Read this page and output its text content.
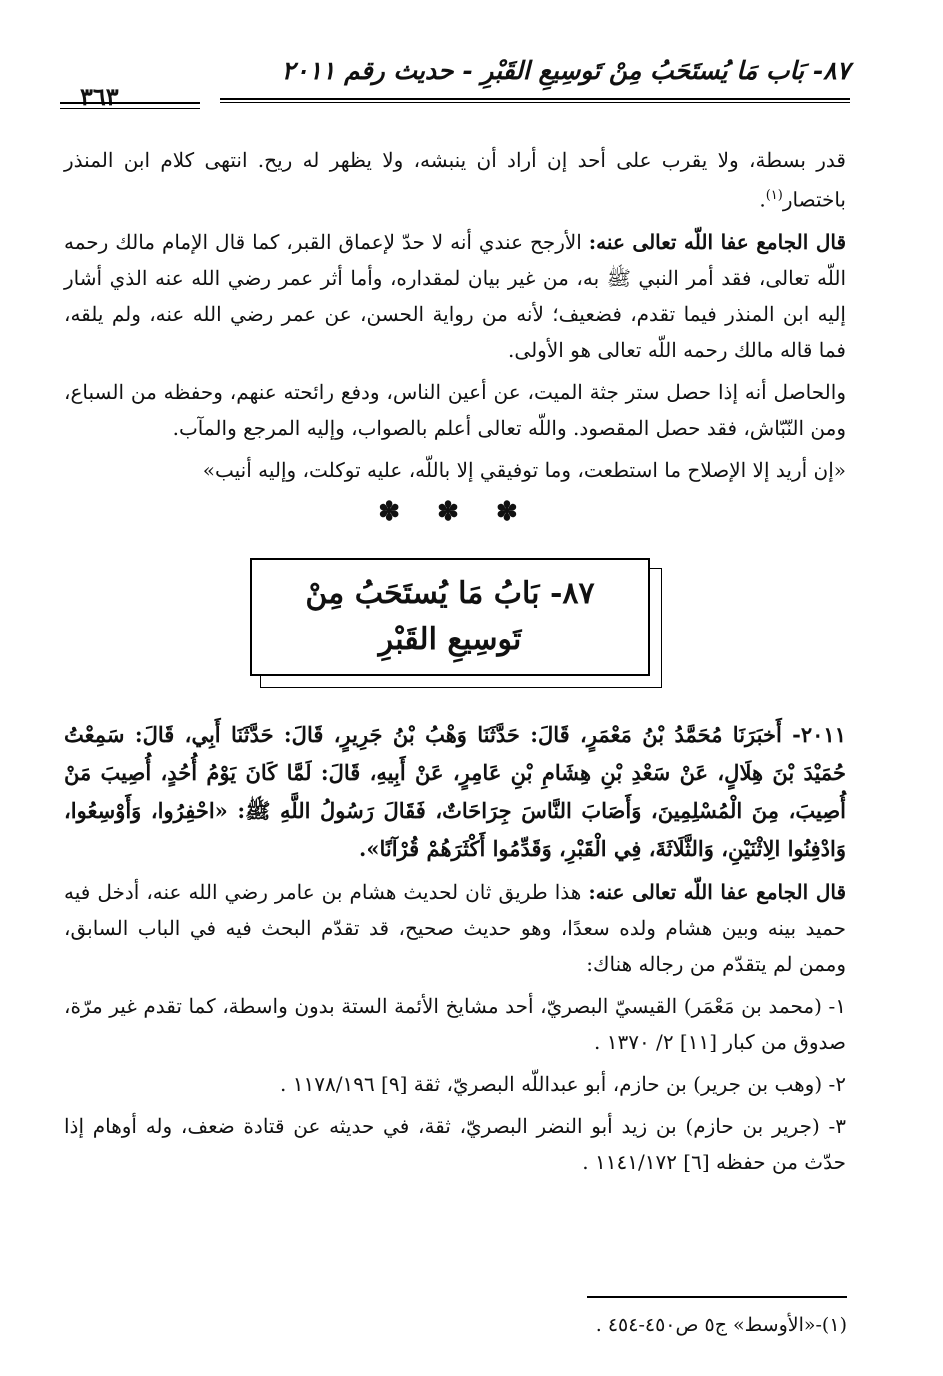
٨٧- بَاب مَا يُستَحَبُ مِنْ تَوسِيعِ القَبْرِ - حديث رقم ٢٠١١
٣٦٣

قدر بسطة، ولا يقرب على أحد إن أراد أن ينبشه، ولا يظهر له ريح. انتهى كلام ابن المنذر باختصار$^{(١)}$.

قال الجامع عفا اللّه تعالى عنه: الأرجح عندي أنه لا حدّ لإعماق القبر، كما قال الإمام مالك رحمه اللّه تعالى، فقد أمر النبي ﷺ به، من غير بيان لمقداره، وأما أثر عمر رضي الله عنه الذي أشار إليه ابن المنذر فيما تقدم، فضعيف؛ لأنه من رواية الحسن، عن عمر رضي الله عنه، ولم يلقه، فما قاله مالك رحمه اللّه تعالى هو الأولى.

والحاصل أنه إذا حصل ستر جثة الميت، عن أعين الناس، ودفع رائحته عنهم، وحفظه من السباع، ومن النّبّاش، فقد حصل المقصود. واللّه تعالى أعلم بالصواب، وإليه المرجع والمآب.

«إن أريد إلا الإصلاح ما استطعت، وما توفيقي إلا باللّه، عليه توكلت، وإليه أنيب»

✽ ✽ ✽
٨٧- بَابُ مَا يُستَحَبُ مِنْ تَوسِيعِ القَبْرِ

٢٠١١- أَخبَرَنَا مُحَمَّدُ بْنُ مَعْمَرٍ، قَالَ: حَدَّثَنَا وَهْبُ بْنُ جَرِيرٍ، قَالَ: حَدَّثَنَا أَبِي، قَالَ: سَمِعْتُ حُمَيْدَ بْنَ هِلَالٍ، عَنْ سَعْدِ بْنِ هِشَامِ بْنِ عَامِرٍ، عَنْ أَبِيهِ، قَالَ: لَمَّا كَانَ يَوْمُ أُحُدٍ، أُصِيبَ مَنْ أُصِيبَ، مِنَ الْمُسْلِمِينَ، وَأَصَابَ النَّاسَ جِرَاحَاتٌ، فَقَالَ رَسُولُ اللَّهِ ﷺ: «احْفِرُوا، وَأَوْسِعُوا، وَادْفِنُوا الِاثْنَيْنِ، وَالثَّلَاثَةَ، فِي الْقَبْرِ، وَقَدِّمُوا أَكْثَرَهُمْ قُرْآنًا».

قال الجامع عفا اللّه تعالى عنه: هذا طريق ثان لحديث هشام بن عامر رضي الله عنه، أدخل فيه حميد بينه وبين هشام ولده سعدًا، وهو حديث صحيح، قد تقدّم البحث فيه في الباب السابق، وممن لم يتقدّم من رجاله هناك:

١- (محمد بن مَعْمَر) القيسيّ البصريّ، أحد مشايخ الأئمة الستة بدون واسطة، كما تقدم غير مرّة، صدوق من كبار [١١] ٢/ ١٣٧٠ .

٢- (وهب بن جرير) بن حازم، أبو عبداللّه البصريّ، ثقة [٩] ١١٧٨/١٩٦ .

٣- (جرير بن حازم) بن زيد أبو النضر البصريّ، ثقة، في حديثه عن قتادة ضعف، وله أوهام إذا حدّث من حفظه [٦] ١١٤١/١٧٢ .

(١)-«الأوسط» ج٥ ص٤٥٠-٤٥٤ .
